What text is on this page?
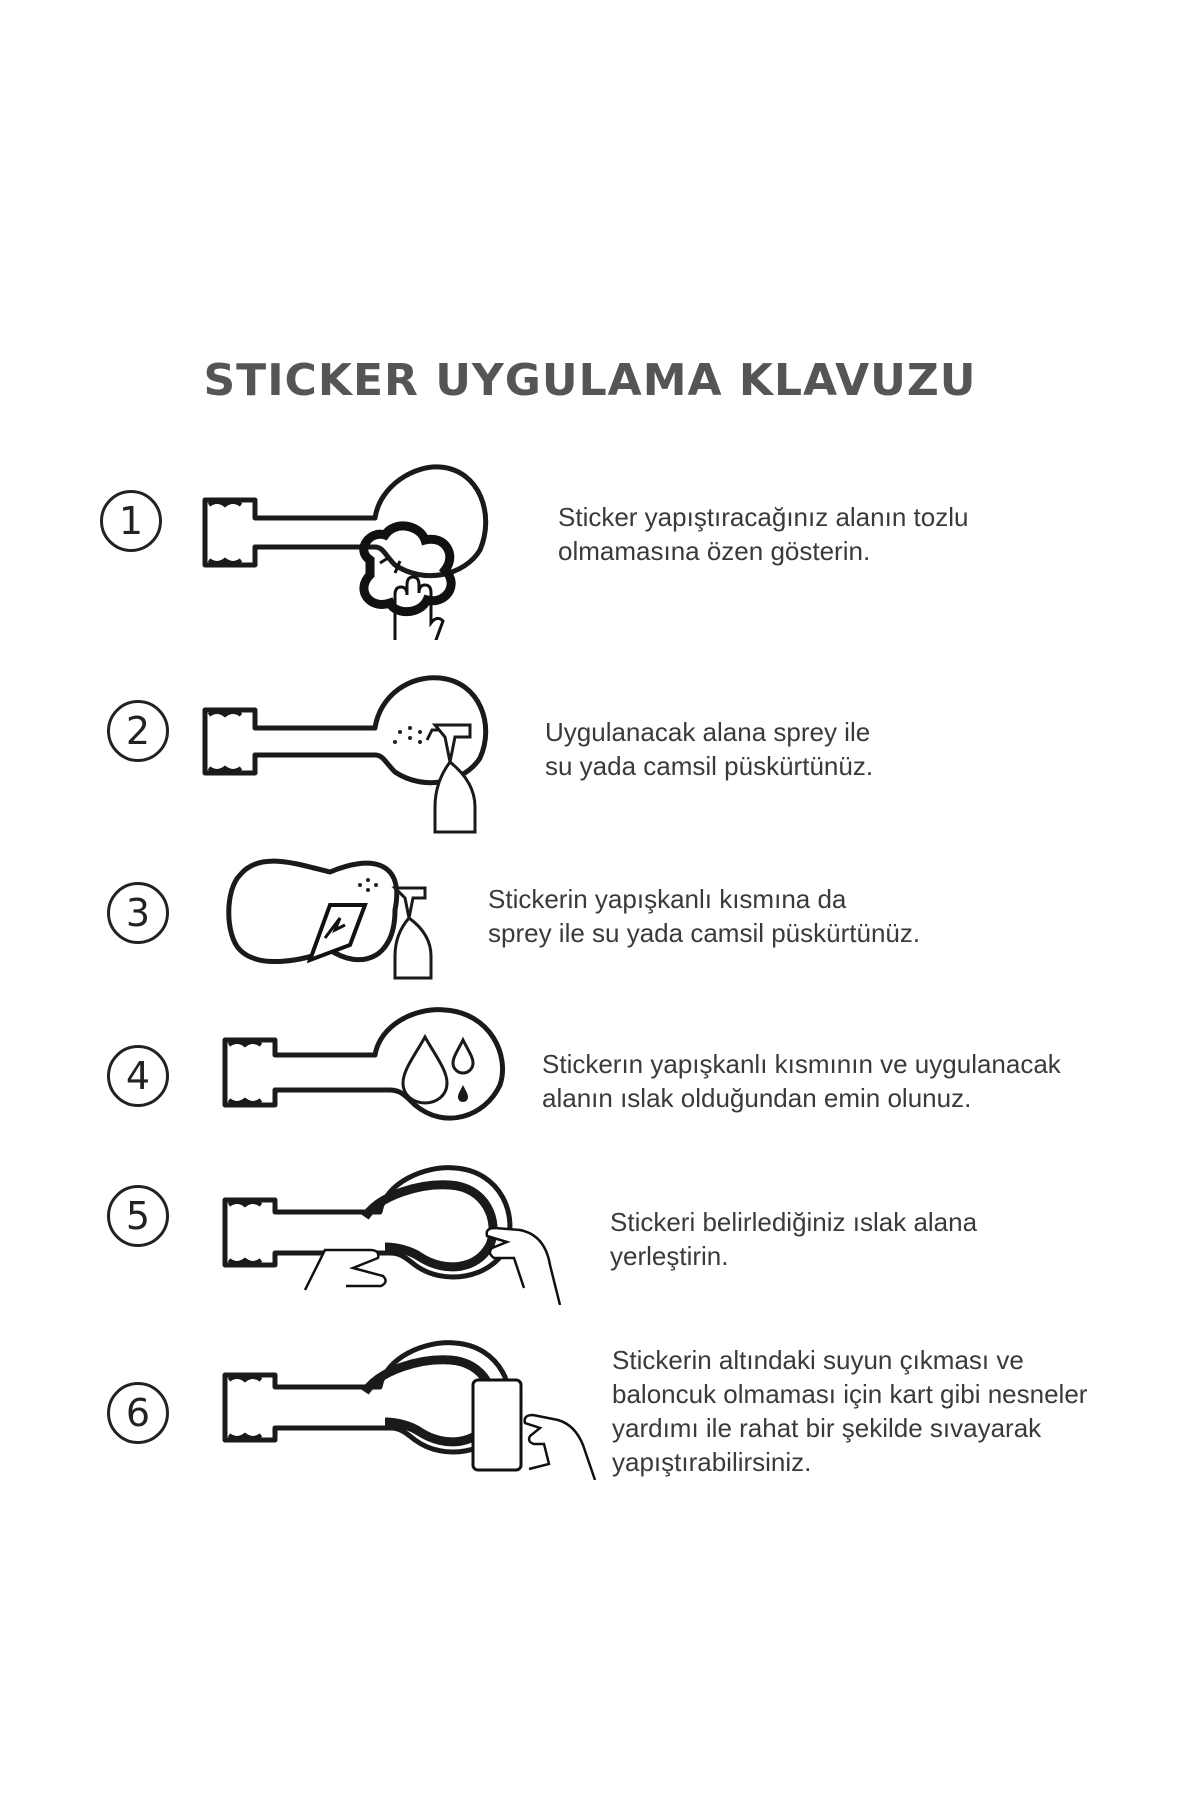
STICKER UYGULAMA KLAVUZU
1	Sticker yapıştıracağınız alanın tozlu
olmamasına özen gösterin.
2	Uygulanacak alana sprey ile
su yada camsil püskürtünüz.
3	Stickerin yapışkanlı kısmına da
sprey ile su yada camsil püskürtünüz.
4	Stickerın yapışkanlı kısmının ve uygulanacak
alanın ıslak olduğundan emin olunuz.
5	Stickeri belirlediğiniz ıslak alana
yerleştirin.
6
Stickerin altındaki suyun çıkması ve
baloncuk olmaması için kart gibi nesneler
yardımı ile rahat bir şekilde sıvayarak
yapıştırabilirsiniz.
